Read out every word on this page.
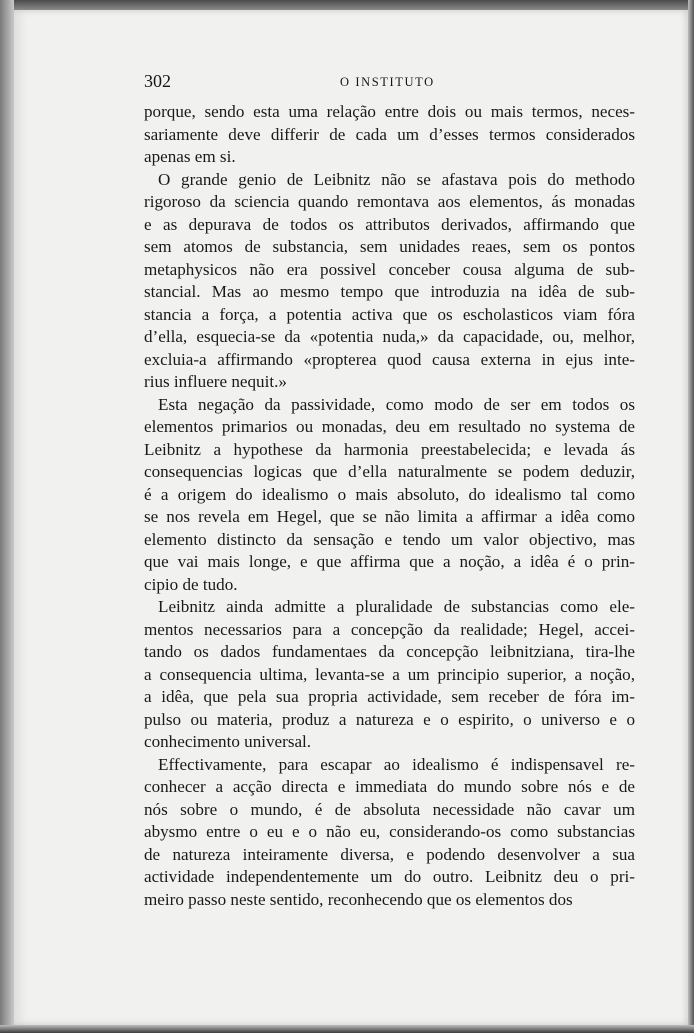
302	O INSTITUTO
porque, sendo esta uma relação entre dois ou mais termos, neces-
sariamente deve differir de cada um d’esses termos considerados
apenas em si.
O grande genio de Leibnitz não se afastava pois do methodo
rigoroso da sciencia quando remontava aos elementos, ás monadas
e as depurava de todos os attributos derivados, affirmando que
sem atomos de substancia, sem unidades reaes, sem os pontos
metaphysicos não era possivel conceber cousa alguma de sub-
stancial. Mas ao mesmo tempo que introduzia na idêa de sub-
stancia a força, a potentia activa que os escholasticos viam fóra
d’ella, esquecia-se da «potentia nuda,» da capacidade, ou, melhor,
excluia-a affirmando «propterea quod causa externa in ejus inte-
rius influere nequit.»
Esta negação da passividade, como modo de ser em todos os
elementos primarios ou monadas, deu em resultado no systema de
Leibnitz a hypothese da harmonia preestabelecida; e levada ás
consequencias logicas que d’ella naturalmente se podem deduzir,
é a origem do idealismo o mais absoluto, do idealismo tal como
se nos revela em Hegel, que se não limita a affirmar a idêa como
elemento distincto da sensação e tendo um valor objectivo, mas
que vai mais longe, e que affirma que a noção, a idêa é o prin-
cipio de tudo.
Leibnitz ainda admitte a pluralidade de substancias como ele-
mentos necessarios para a concepção da realidade; Hegel, accei-
tando os dados fundamentaes da concepção leibnitziana, tira-lhe
a consequencia ultima, levanta-se a um principio superior, a noção,
a idêa, que pela sua propria actividade, sem receber de fóra im-
pulso ou materia, produz a natureza e o espirito, o universo e o
conhecimento universal.
Effectivamente, para escapar ao idealismo é indispensavel re-
conhecer a acção directa e immediata do mundo sobre nós e de
nós sobre o mundo, é de absoluta necessidade não cavar um
abysmo entre o eu e o não eu, considerando-os como substancias
de natureza inteiramente diversa, e podendo desenvolver a sua
actividade independentemente um do outro. Leibnitz deu o pri-
meiro passo neste sentido, reconhecendo que os elementos dos
